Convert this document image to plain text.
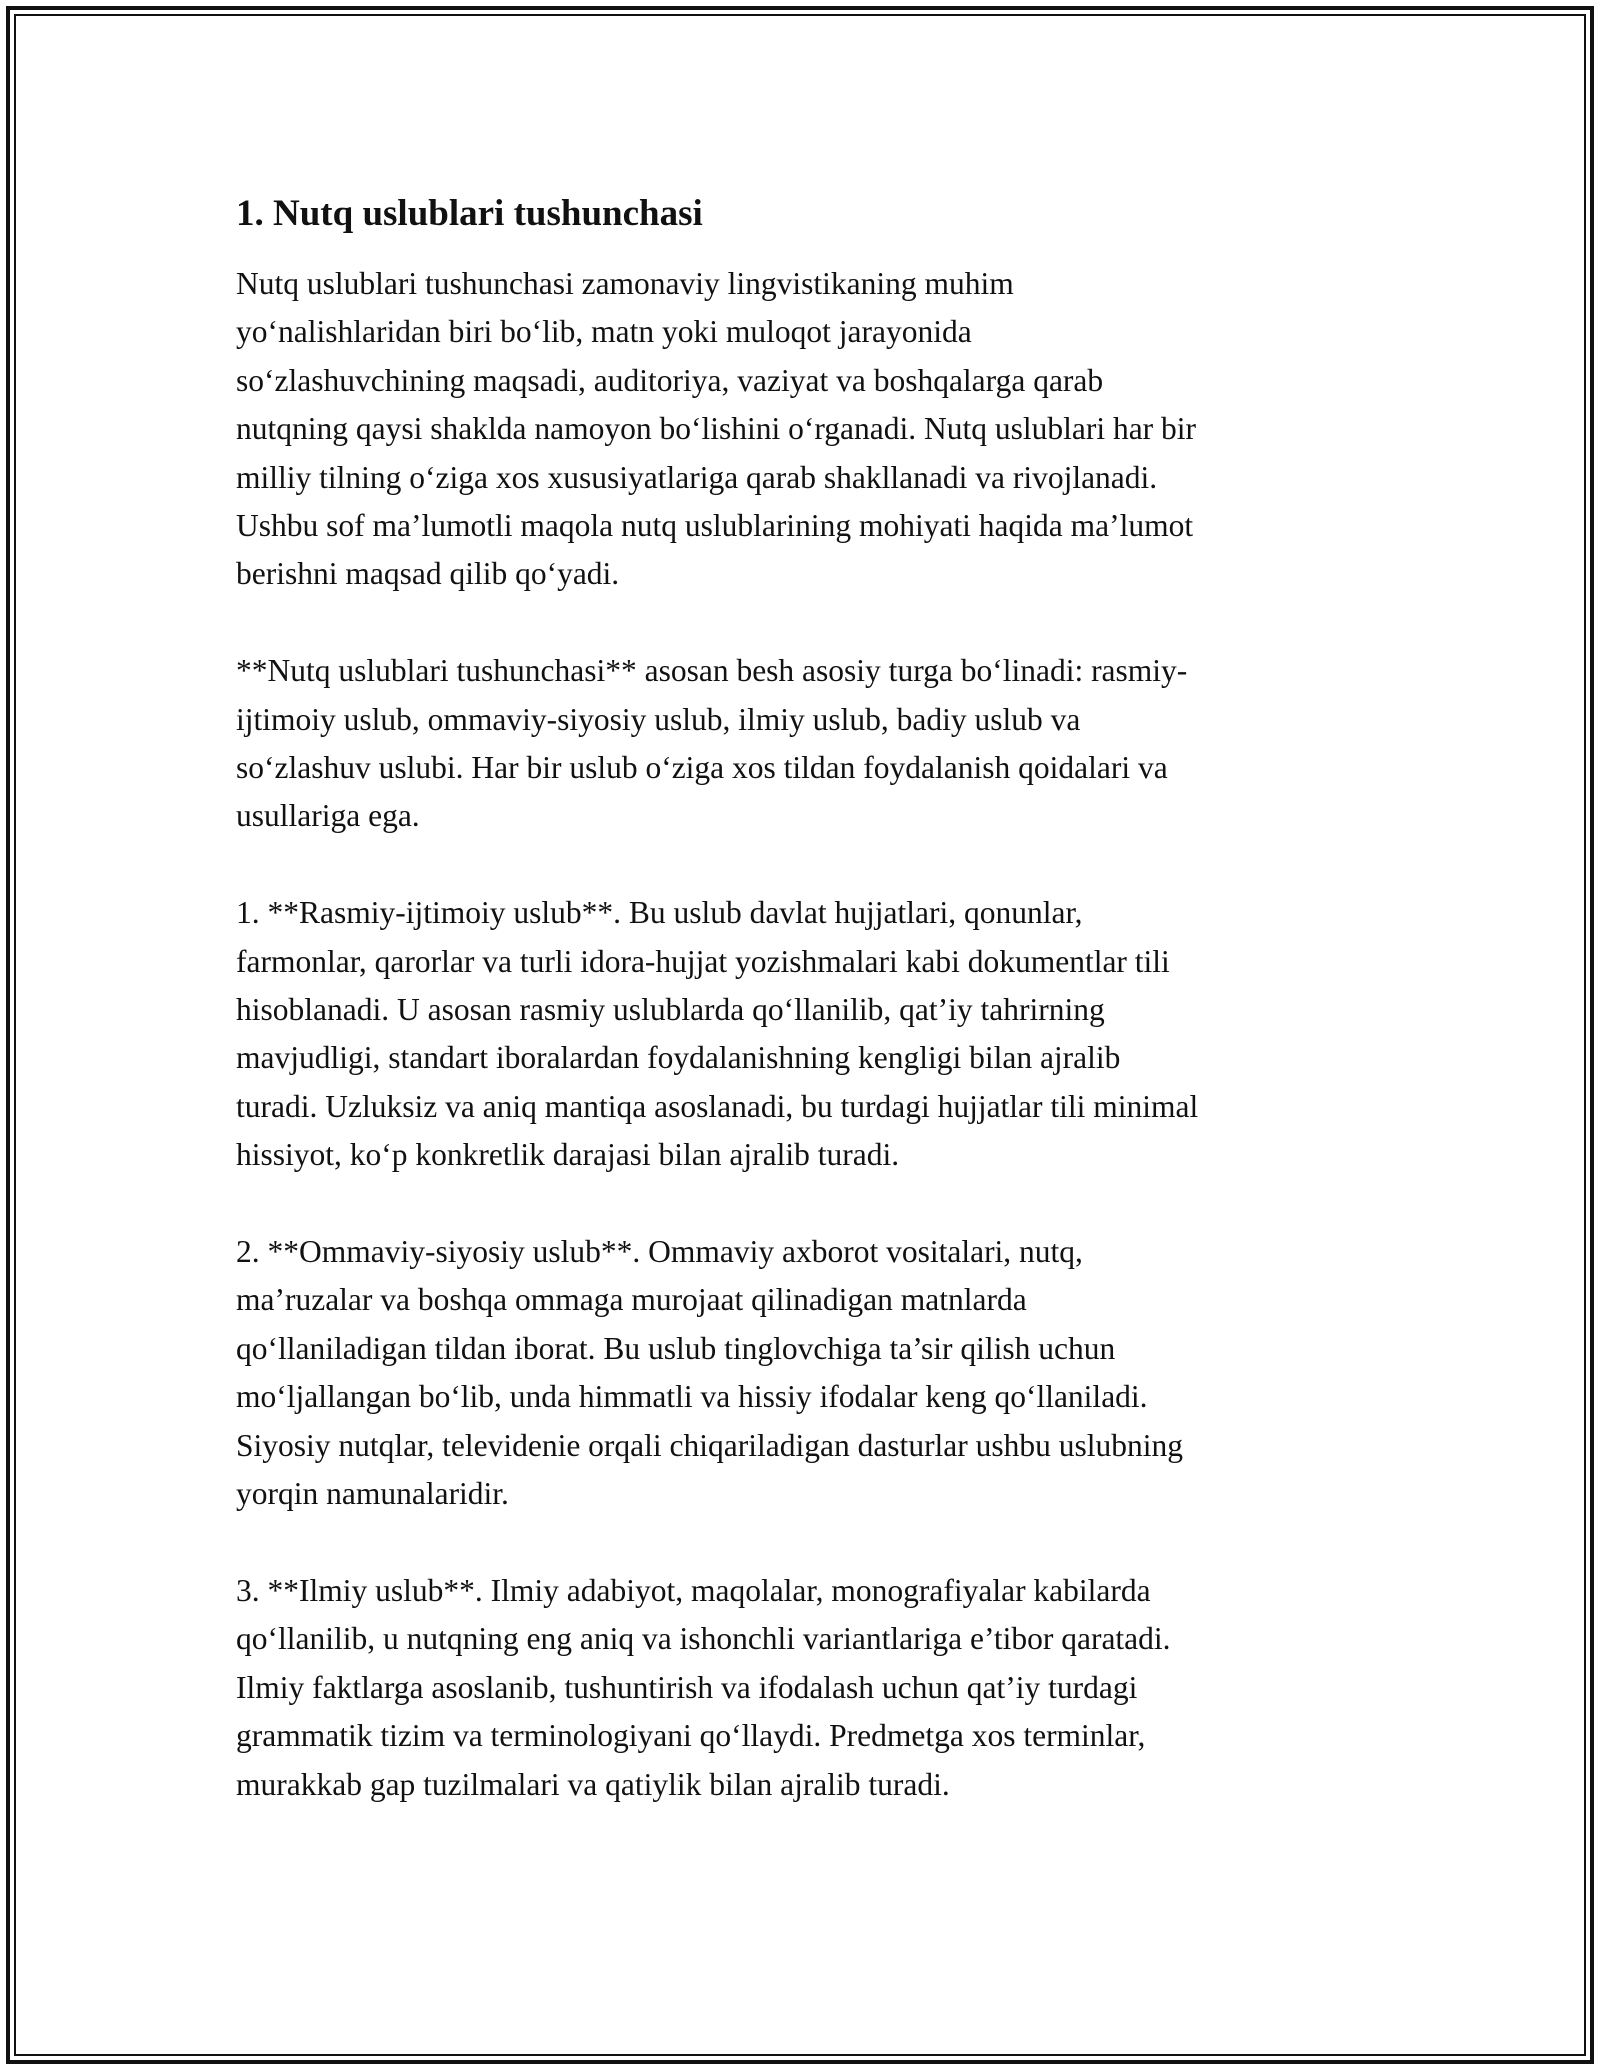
1. Nutq uslublari tushunchasi

Nutq uslublari tushunchasi zamonaviy lingvistikaning muhim
yo‘nalishlaridan biri bo‘lib, matn yoki muloqot jarayonida
so‘zlashuvchining maqsadi, auditoriya, vaziyat va boshqalarga qarab
nutqning qaysi shaklda namoyon bo‘lishini o‘rganadi. Nutq uslublari har bir
milliy tilning o‘ziga xos xususiyatlariga qarab shakllanadi va rivojlanadi.
Ushbu sof ma’lumotli maqola nutq uslublarining mohiyati haqida ma’lumot
berishni maqsad qilib qo‘yadi.

**Nutq uslublari tushunchasi** asosan besh asosiy turga bo‘linadi: rasmiy-
ijtimoiy uslub, ommaviy-siyosiy uslub, ilmiy uslub, badiy uslub va
so‘zlashuv uslubi. Har bir uslub o‘ziga xos tildan foydalanish qoidalari va
usullariga ega.

1. **Rasmiy-ijtimoiy uslub**. Bu uslub davlat hujjatlari, qonunlar,
farmonlar, qarorlar va turli idora-hujjat yozishmalari kabi dokumentlar tili
hisoblanadi. U asosan rasmiy uslublarda qo‘llanilib, qat’iy tahrirning
mavjudligi, standart iboralardan foydalanishning kengligi bilan ajralib
turadi. Uzluksiz va aniq mantiqa asoslanadi, bu turdagi hujjatlar tili minimal
hissiyot, ko‘p konkretlik darajasi bilan ajralib turadi.

2. **Ommaviy-siyosiy uslub**. Ommaviy axborot vositalari, nutq,
ma’ruzalar va boshqa ommaga murojaat qilinadigan matnlarda
qo‘llaniladigan tildan iborat. Bu uslub tinglovchiga ta’sir qilish uchun
mo‘ljallangan bo‘lib, unda himmatli va hissiy ifodalar keng qo‘llaniladi.
Siyosiy nutqlar, televidenie orqali chiqariladigan dasturlar ushbu uslubning
yorqin namunalaridir.

3. **Ilmiy uslub**. Ilmiy adabiyot, maqolalar, monografiyalar kabilarda
qo‘llanilib, u nutqning eng aniq va ishonchli variantlariga e’tibor qaratadi.
Ilmiy faktlarga asoslanib, tushuntirish va ifodalash uchun qat’iy turdagi
grammatik tizim va terminologiyani qo‘llaydi. Predmetga xos terminlar,
murakkab gap tuzilmalari va qatiylik bilan ajralib turadi.
